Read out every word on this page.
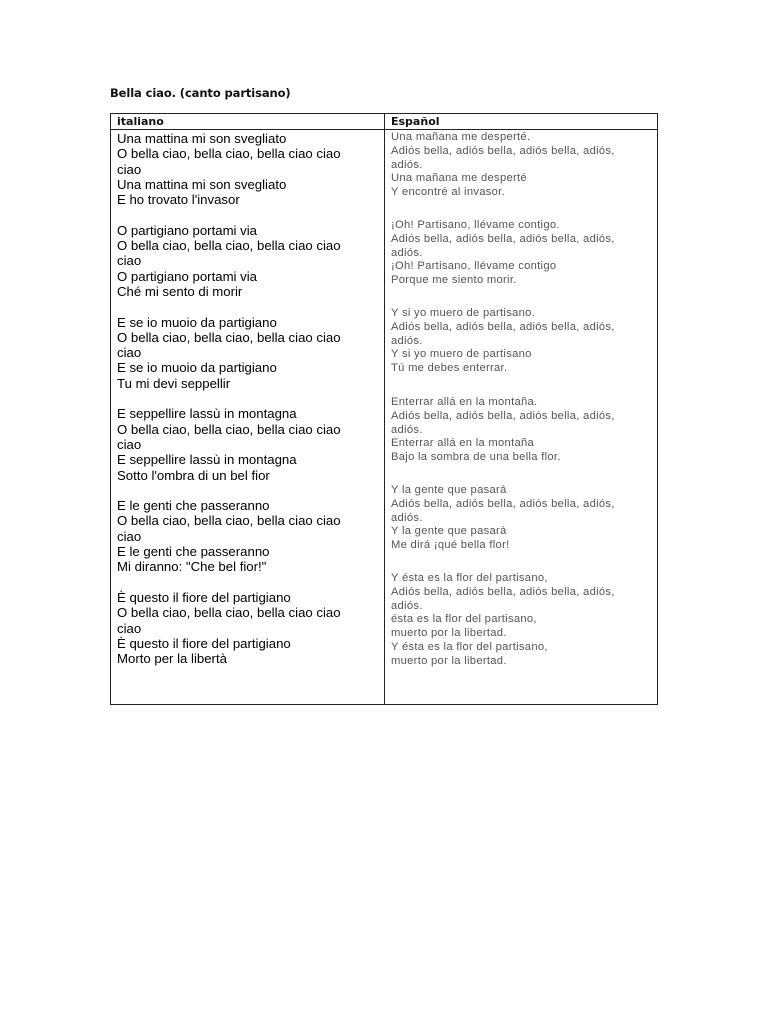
Bella ciao. (canto partisano)
italiano	Español
Una mattina mi son svegliato
O bella ciao, bella ciao, bella ciao ciao
ciao
Una mattina mi son svegliato
E ho trovato l'invasor
O partigiano portami via
O bella ciao, bella ciao, bella ciao ciao
ciao
O partigiano portami via
Ché mi sento di morir
E se io muoio da partigiano
O bella ciao, bella ciao, bella ciao ciao
ciao
E se io muoio da partigiano
Tu mi devi seppellir
E seppellire lassù in montagna
O bella ciao, bella ciao, bella ciao ciao
ciao
E seppellire lassù in montagna
Sotto l'ombra di un bel fior
E le genti che passeranno
O bella ciao, bella ciao, bella ciao ciao
ciao
E le genti che passeranno
Mi diranno: "Che bel fior!"
È questo il fiore del partigiano
O bella ciao, bella ciao, bella ciao ciao
ciao
È questo il fiore del partigiano
Morto per la libertà
Una mañana me desperté.
Adiós bella, adiós bella, adiós bella, adiós,
adiós.
Una mañana me desperté
Y encontré al invasor.
¡Oh! Partisano, llévame contigo.
Adiós bella, adiós bella, adiós bella, adiós,
adiós.
¡Oh! Partisano, llévame contigo
Porque me siento morir.
Y si yo muero de partisano.
Adiós bella, adiós bella, adiós bella, adiós,
adiós.
Y si yo muero de partisano
Tú me debes enterrar.
Enterrar allá en la montaña.
Adiós bella, adiós bella, adiós bella, adiós,
adiós.
Enterrar allá en la montaña
Bajo la sombra de una bella flor.
Y la gente que pasará
Adiós bella, adiós bella, adiós bella, adiós,
adiós.
Y la gente que pasará
Me dirá ¡qué bella flor!
Y ésta es la flor del partisano,
Adiós bella, adiós bella, adiós bella, adiós,
adiós.
ésta es la flor del partisano,
muerto por la libertad.
Y ésta es la flor del partisano,
muerto por la libertad.
